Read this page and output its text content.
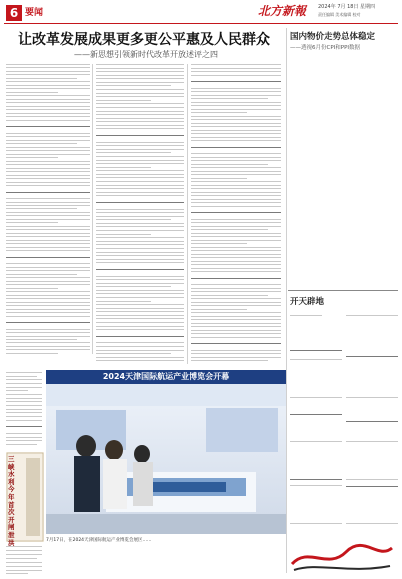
6 要闻	北方新報 2024年 7月 18日 星期四
责任编辑 美术编辑 校对
让改革发展成果更多更公平惠及人民群众
——新思想引领新时代改革开放述评之四
国内物价走势总体稳定
——透视6月份CPI和PPI数据
开天辟地
三峡水利今年首次开闸泄洪
2024天津国际航运产业博览会开幕
7月17日，在2024天津国际航运产业博览会展区……
